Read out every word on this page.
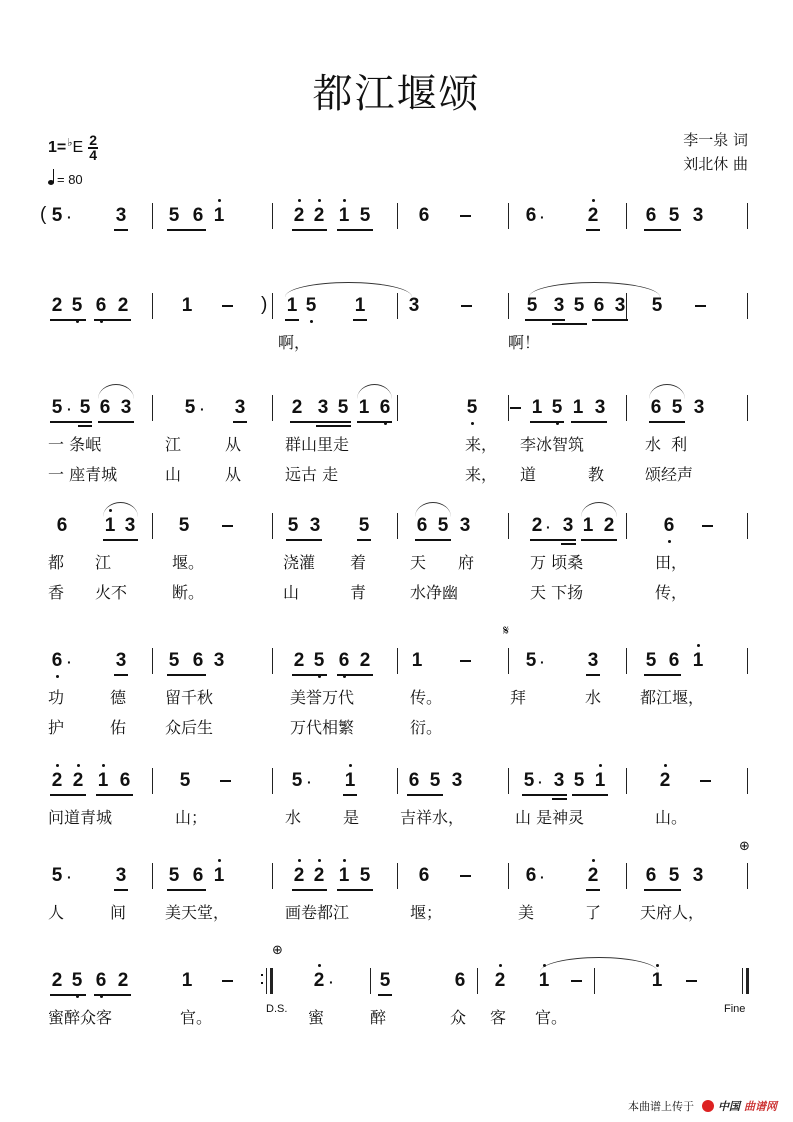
都江堰颂
1= ♭ E $\frac{2}{4}$
= 80
李一泉 词
刘北休 曲
5	3 5 6 1	2 2 1 5	6	6	2 6 5 3
·	·
(
2 5 6 2	1	1 5 1 3	5 3 5 6 3 5
)
啊，	啊！
5 5 6 3	5 3 2 3 5 1 6	5	1 5 1 3 6 5 3
·	·
一 条岷	江	从	群山里走	来， 李冰智筑	水  利
一 座青城	山	从	远古 走	来， 道	教	颂经声
6 1 3 5	5 3 5 6 5 3	2 3 1 2	6
·
都 江	堰。	浇灌 着	天 府	万 顷桑	田，
香 火不	断。	山	青	水净幽	天 下扬	传，
6	3 5 6 3	2 5 6 2 1	5	3 5 6 1
·	·
功	德 留千秋	美誉万代	传。	拜	水 都江堰，
护	佑 众后生	万代相繁	衍。
2 2 1 6	5	5 1	6 5 3	5 3 5 1	2
·	·
问道青城	山；	水	是	吉祥水，	山 是神灵	山。
5	3 5 6 1	2 2 1 5	6	6	2 6 5 3
·	·
人	间 美天堂，	画卷都江	堰；	美	了 天府人，
2 5 6 2	1	2	5	6 2 1	1
·
蜜醉众客	官。	蜜	醉	众 客 官。
本曲谱上传于 中国 曲谱网
𝄋
⊕
⊕
D.S.	Fine
